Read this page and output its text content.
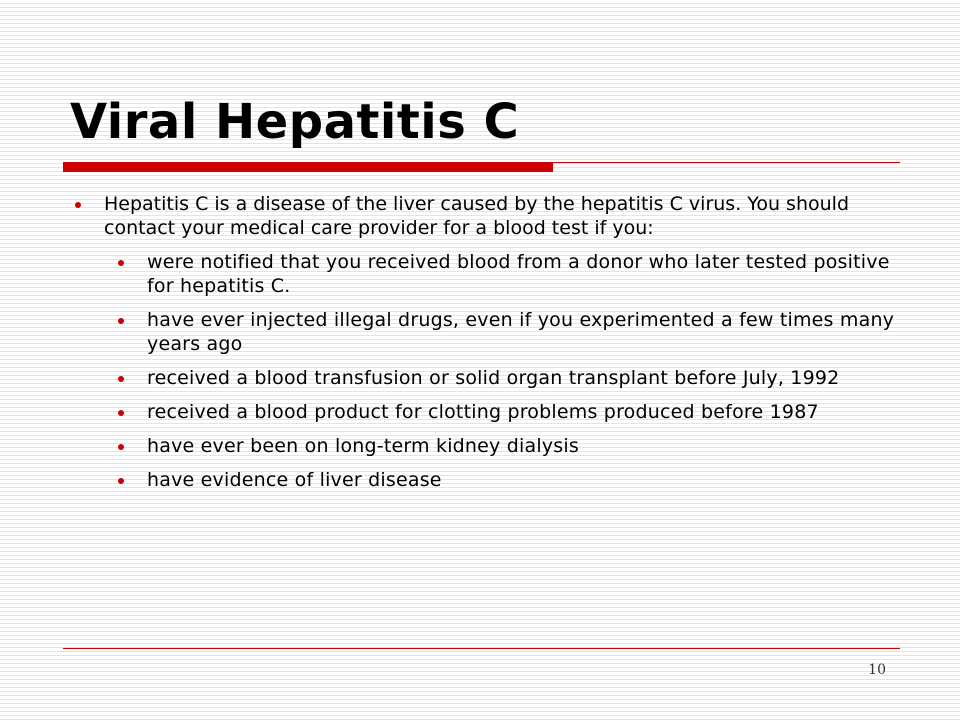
Viral Hepatitis C
Hepatitis C is a disease of the liver caused by the hepatitis C virus. You should contact your medical care provider for a blood test if you:
were notified that you received blood from a donor who later tested positive for hepatitis C.
have ever injected illegal drugs, even if you experimented a few times many years ago
received a blood transfusion or solid organ transplant before July, 1992
received a blood product for clotting problems produced before 1987
have ever been on long-term kidney dialysis
have evidence of liver disease
10
